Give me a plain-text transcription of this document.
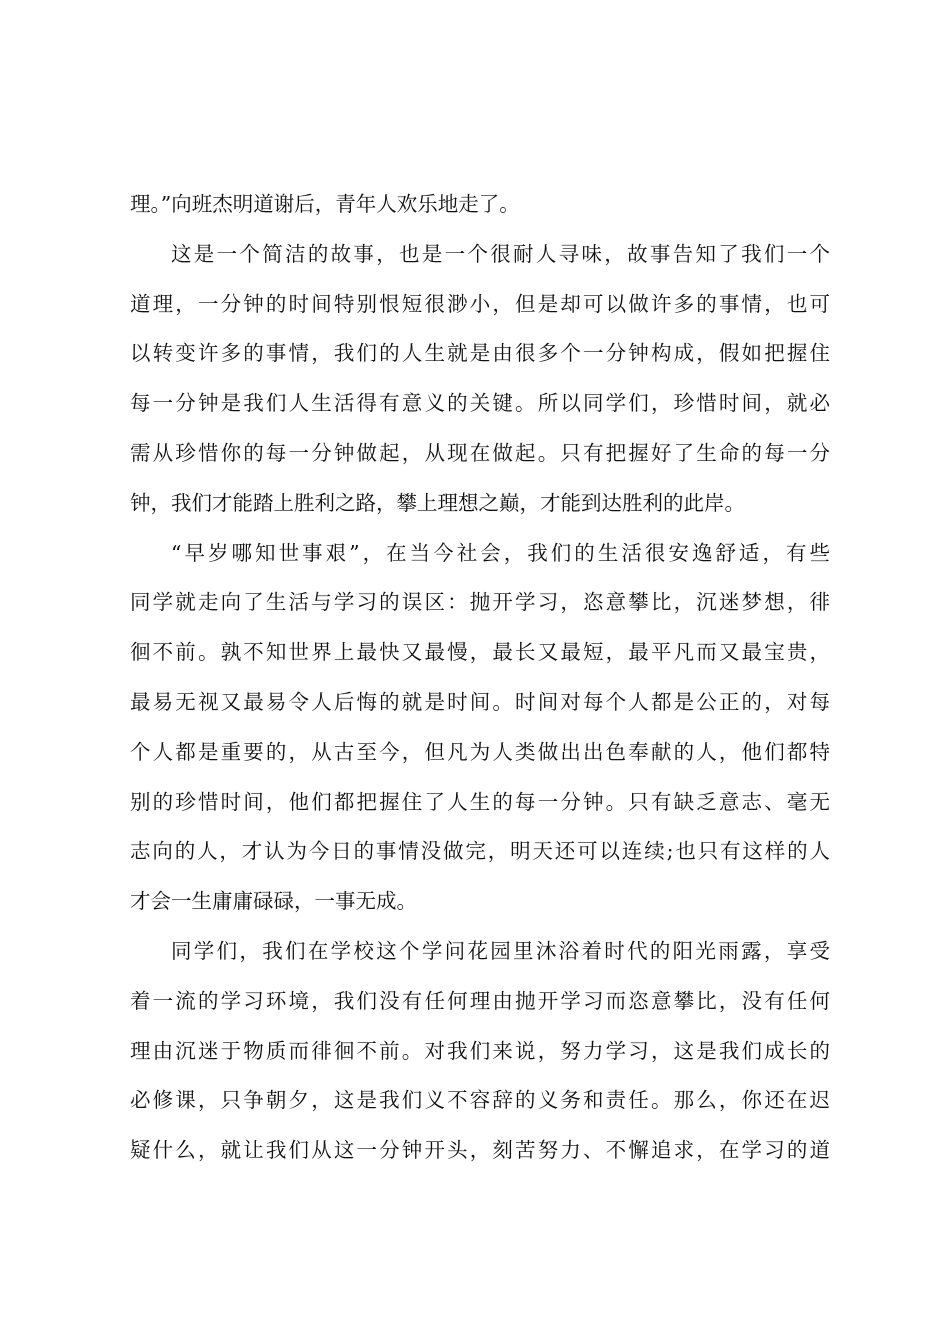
理。”向班杰明道谢后，青年人欢乐地走了。
这是一个简洁的故事，也是一个很耐人寻味，故事告知了我们一个
道理，一分钟的时间特别恨短很渺小，但是却可以做许多的事情，也可
以转变许多的事情，我们的人生就是由很多个一分钟构成，假如把握住
每一分钟是我们人生活得有意义的关键。所以同学们，珍惜时间，就必
需从珍惜你的每一分钟做起，从现在做起。只有把握好了生命的每一分
钟，我们才能踏上胜利之路，攀上理想之巅，才能到达胜利的此岸。
“早岁哪知世事艰”，在当今社会，我们的生活很安逸舒适，有些
同学就走向了生活与学习的误区：抛开学习，恣意攀比，沉迷梦想，徘
徊不前。孰不知世界上最快又最慢，最长又最短，最平凡而又最宝贵，
最易无视又最易令人后悔的就是时间。时间对每个人都是公正的，对每
个人都是重要的，从古至今，但凡为人类做出出色奉献的人，他们都特
别的珍惜时间，他们都把握住了人生的每一分钟。只有缺乏意志、毫无
志向的人，才认为今日的事情没做完，明天还可以连续;也只有这样的人
才会一生庸庸碌碌，一事无成。
同学们，我们在学校这个学问花园里沐浴着时代的阳光雨露，享受
着一流的学习环境，我们没有任何理由抛开学习而恣意攀比，没有任何
理由沉迷于物质而徘徊不前。对我们来说，努力学习，这是我们成长的
必修课，只争朝夕，这是我们义不容辞的义务和责任。那么，你还在迟
疑什么，就让我们从这一分钟开头，刻苦努力、不懈追求，在学习的道
